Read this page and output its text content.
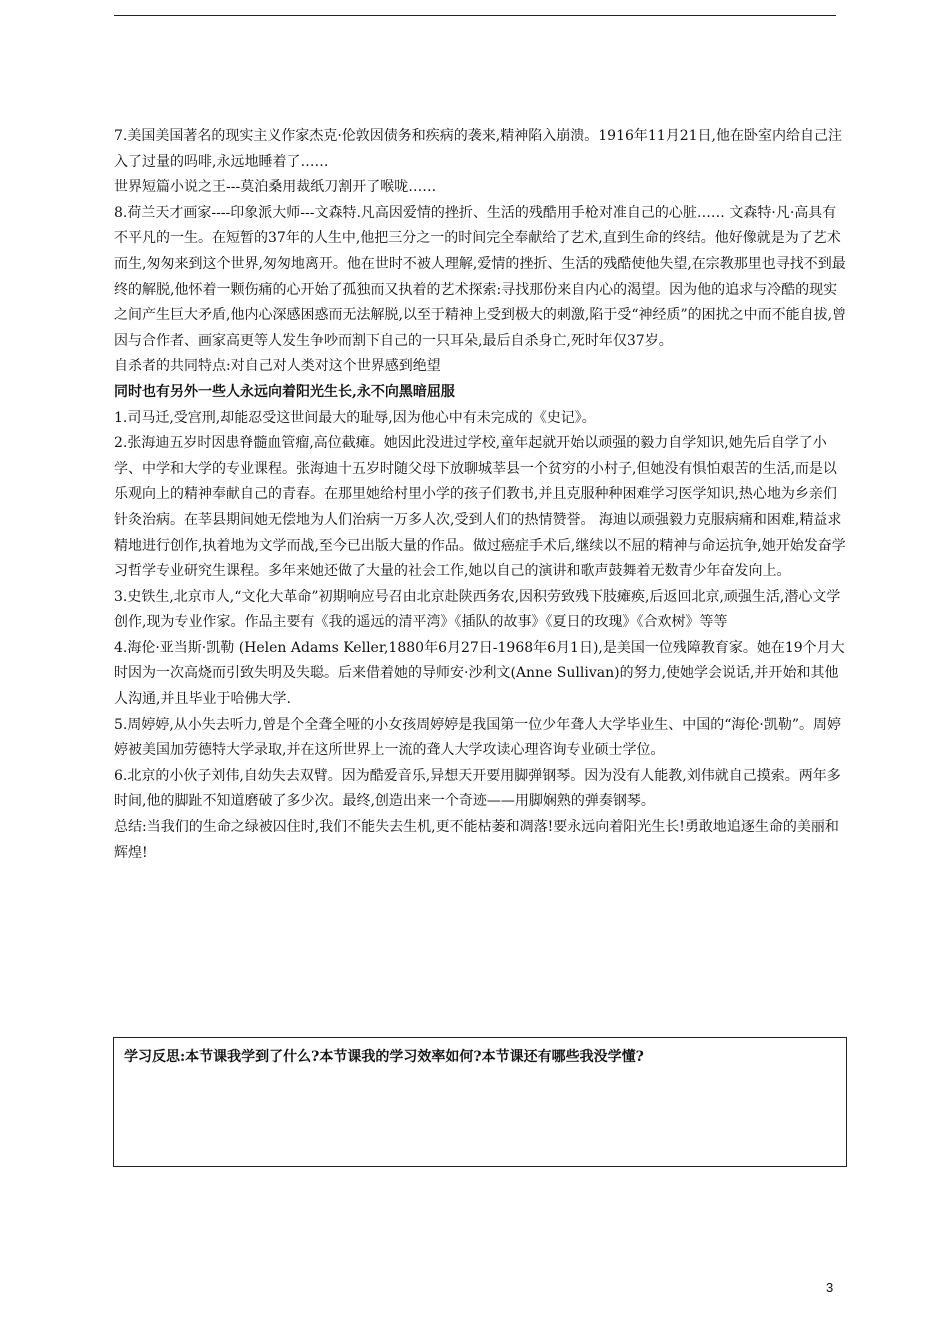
7.美国美国著名的现实主义作家杰克·伦敦因债务和疾病的袭来,精神陷入崩溃。1916年11月21日,他在卧室内给自己注入了过量的吗啡,永远地睡着了……

世界短篇小说之王---莫泊桑用裁纸刀割开了喉咙……

8.荷兰天才画家----印象派大师---文森特.凡高因爱情的挫折、生活的残酷用手枪对准自己的心脏…… 文森特·凡·高具有不平凡的一生。在短暂的37年的人生中,他把三分之一的时间完全奉献给了艺术,直到生命的终结。他好像就是为了艺术而生,匆匆来到这个世界,匆匆地离开。他在世时不被人理解,爱情的挫折、生活的残酷使他失望,在宗教那里也寻找不到最终的解脱,他怀着一颗伤痛的心开始了孤独而又执着的艺术探索:寻找那份来自内心的渴望。因为他的追求与冷酷的现实之间产生巨大矛盾,他内心深感困惑而无法解脱,以至于精神上受到极大的刺激,陷于受“神经质”的困扰之中而不能自拔,曾因与合作者、画家高更等人发生争吵而割下自己的一只耳朵,最后自杀身亡,死时年仅37岁。

自杀者的共同特点:对自己对人类对这个世界感到绝望

同时也有另外一些人永远向着阳光生长,永不向黑暗屈服

1.司马迁,受宫刑,却能忍受这世间最大的耻辱,因为他心中有未完成的《史记》。

2.张海迪五岁时因患脊髓血管瘤,高位截瘫。她因此没进过学校,童年起就开始以顽强的毅力自学知识,她先后自学了小学、中学和大学的专业课程。张海迪十五岁时随父母下放聊城莘县一个贫穷的小村子,但她没有惧怕艰苦的生活,而是以乐观向上的精神奉献自己的青春。在那里她给村里小学的孩子们教书,并且克服种种困难学习医学知识,热心地为乡亲们针灸治病。在莘县期间她无偿地为人们治病一万多人次,受到人们的热情赞誉。 海迪以顽强毅力克服病痛和困难,精益求精地进行创作,执着地为文学而战,至今已出版大量的作品。做过癌症手术后,继续以不屈的精神与命运抗争,她开始发奋学习哲学专业研究生课程。多年来她还做了大量的社会工作,她以自己的演讲和歌声鼓舞着无数青少年奋发向上。

3.史铁生,北京市人,“文化大革命”初期响应号召由北京赴陕西务农,因积劳致残下肢瘫痪,后返回北京,顽强生活,潜心文学创作,现为专业作家。作品主要有《我的遥远的清平湾》《插队的故事》《夏日的玫瑰》《合欢树》等等

4.海伦·亚当斯·凯勒 (Helen Adams Keller,1880年6月27日-1968年6月1日),是美国一位残障教育家。她在19个月大时因为一次高烧而引致失明及失聪。后来借着她的导师安·沙利文(Anne Sullivan)的努力,使她学会说话,并开始和其他人沟通,并且毕业于哈佛大学.

5.周婷婷,从小失去听力,曾是个全聋全哑的小女孩周婷婷是我国第一位少年聋人大学毕业生、中国的“海伦·凯勒”。周婷婷被美国加劳德特大学录取,并在这所世界上一流的聋人大学攻读心理咨询专业硕士学位。

6.北京的小伙子刘伟,自幼失去双臂。因为酷爱音乐,异想天开要用脚弹钢琴。因为没有人能教,刘伟就自己摸索。两年多时间,他的脚趾不知道磨破了多少次。最终,创造出来一个奇迹——用脚娴熟的弹奏钢琴。

总结:当我们的生命之绿被囚住时,我们不能失去生机,更不能枯萎和凋落!要永远向着阳光生长!勇敢地追逐生命的美丽和辉煌!

学习反思:本节课我学到了什么?本节课我的学习效率如何?本节课还有哪些我没学懂?
3
